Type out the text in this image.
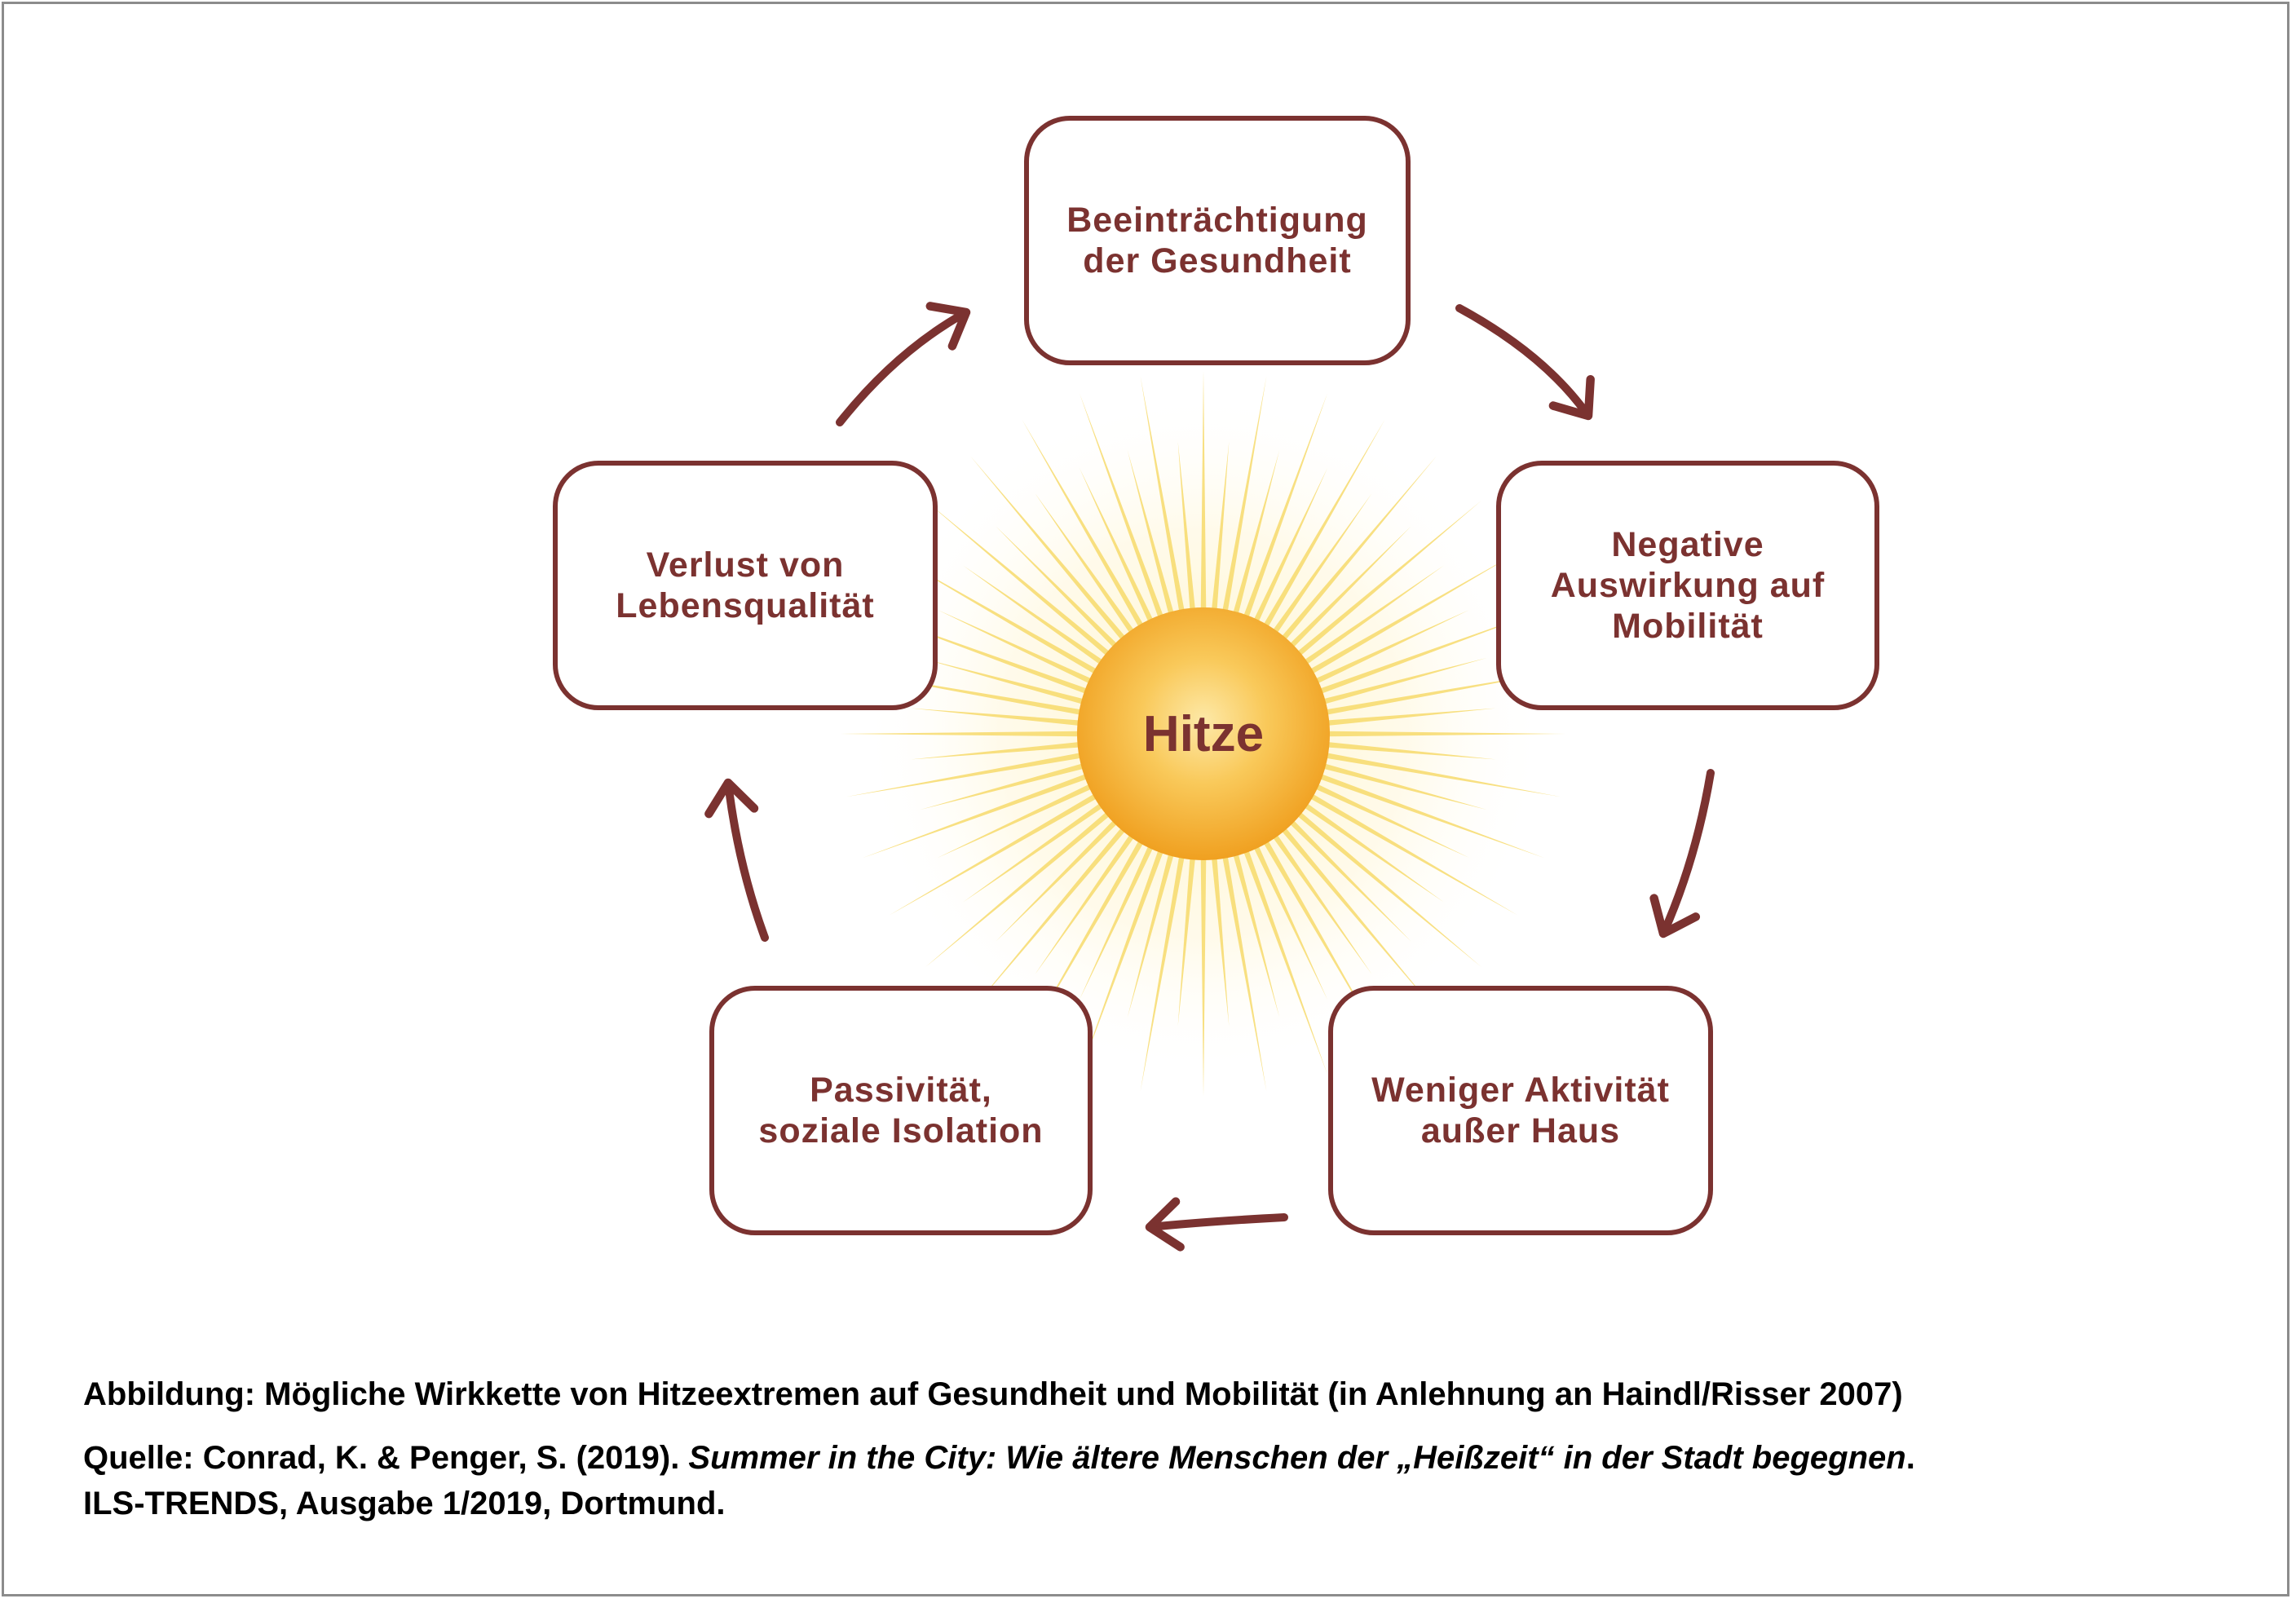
Beeinträchtigung
der Gesundheit
Negative
Auswirkung auf
Mobilität
Weniger Aktivität
außer Haus
Passivität,
soziale Isolation
Verlust von
Lebensqualität
Hitze
Abbildung: Mögliche Wirkkette von Hitzeextremen auf Gesundheit und Mobilität (in Anlehnung an Haindl/Risser 2007)
Quelle: Conrad, K. & Penger, S. (2019). Summer in the City: Wie ältere Menschen der „Heißzeit“ in der Stadt begegnen.
ILS-TRENDS, Ausgabe 1/2019, Dortmund.
